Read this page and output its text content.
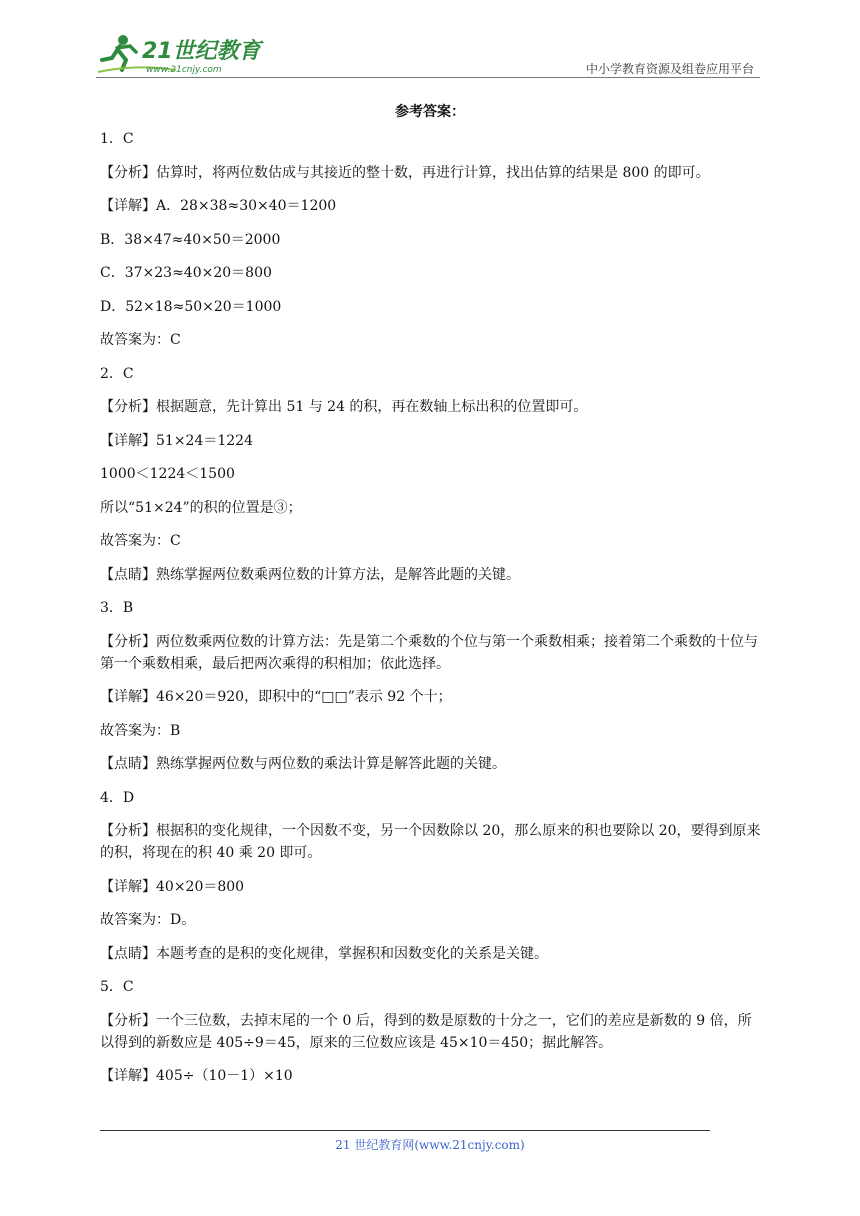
21世纪教育
www.21cnjy.com	中小学教育资源及组卷应用平台
参考答案：

1．C

【分析】估算时，将两位数估成与其接近的整十数，再进行计算，找出估算的结果是 800 的即可。

【详解】A．28×38≈30×40＝1200

B．38×47≈40×50＝2000

C．37×23≈40×20＝800

D．52×18≈50×20＝1000

故答案为：C

2．C

【分析】根据题意，先计算出 51 与 24 的积，再在数轴上标出积的位置即可。

【详解】51×24＝1224

1000＜1224＜1500

所以“51×24”的积的位置是③；

故答案为：C

【点睛】熟练掌握两位数乘两位数的计算方法，是解答此题的关键。

3．B

【分析】两位数乘两位数的计算方法：先是第二个乘数的个位与第一个乘数相乘；接着第二个乘数的十位与第一个乘数相乘，最后把两次乘得的积相加；依此选择。

【详解】46×20＝920，即积中的“□□”表示 92 个十；

故答案为：B

【点睛】熟练掌握两位数与两位数的乘法计算是解答此题的关键。

4．D

【分析】根据积的变化规律，一个因数不变，另一个因数除以 20，那么原来的积也要除以 20，要得到原来的积，将现在的积 40 乘 20 即可。

【详解】40×20＝800

故答案为：D。

【点睛】本题考查的是积的变化规律，掌握积和因数变化的关系是关键。

5．C

【分析】一个三位数，去掉末尾的一个 0 后，得到的数是原数的十分之一，它们的差应是新数的 9 倍，所以得到的新数应是 405÷9＝45，原来的三位数应该是 45×10＝450；据此解答。

【详解】405÷（10－1）×10

21 世纪教育网(www.21cnjy.com)
